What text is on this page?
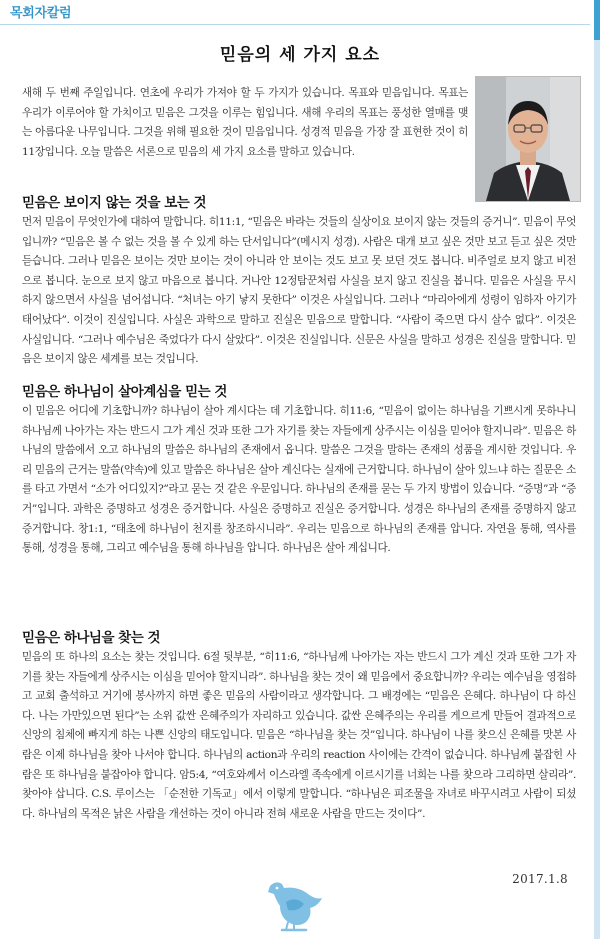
목회자칼럼
믿음의 세 가지 요소
새해 두 번째 주일입니다. 연초에 우리가 가져야 할 두 가지가 있습니다. 목표와 믿음입니다. 목표는 우리가 이루어야 할 가치이고 믿음은 그것을 이루는 힘입니다. 새해 우리의 목표는 풍성한 열매를 맺는 아름다운 나무입니다. 그것을 위해 필요한 것이 믿음입니다. 성경적 믿음을 가장 잘 표현한 것이 히11장입니다. 오늘 말씀은 서론으로 믿음의 세 가지 요소를 말하고 있습니다.
믿음은 보이지 않는 것을 보는 것
먼저 믿음이 무엇인가에 대하여 말합니다. 히11:1, “믿음은 바라는 것들의 실상이요 보이지 않는 것들의 증거니”. 믿음이 무엇입니까? “믿음은 볼 수 없는 것을 볼 수 있게 하는 단서입니다”(메시지 성경). 사람은 대개 보고 싶은 것만 보고 듣고 싶은 것만 듣습니다. 그러나 믿음은 보이는 것만 보이는 것이 아니라 안 보이는 것도 보고 못 보던 것도 봅니다. 비주얼로 보지 않고 비전으로 봅니다. 눈으로 보지 않고 마음으로 봅니다. 거나안 12정탐꾼처럼 사실을 보지 않고 진실을 봅니다. 믿음은 사실을 무시하지 않으면서 사실을 넘어섭니다. “처녀는 아기 낳지 못한다” 이것은 사실입니다. 그러나 “마리아에게 성령이 임하자 아기가 태어났다”. 이것이 진실입니다. 사실은 과학으로 말하고 진실은 믿음으로 말합니다. “사람이 죽으면 다시 살수 없다”. 이것은 사실입니다. “그러나 예수님은 죽었다가 다시 살았다”. 이것은 진실입니다. 신문은 사실을 말하고 성경은 진실을 말합니다. 믿음은 보이지 않은 세계를 보는 것입니다.
믿음은 하나님이 살아계심을 믿는 것
이 믿음은 어디에 기초합니까? 하나님이 살아 계시다는 데 기초합니다. 히11:6, “믿음이 없이는 하나님을 기쁘시게 못하나니 하나님께 나아가는 자는 반드시 그가 계신 것과 또한 그가 자기를 찾는 자들에게 상주시는 이심을 믿어야 할지니라”. 믿음은 하나님의 말씀에서 오고 하나님의 말씀은 하나님의 존재에서 옵니다. 말씀은 그것을 말하는 존재의 성품을 계시한 것입니다. 우리 믿음의 근거는 말씀(약속)에 있고 말씀은 하나님은 살아 계신다는 실재에 근거합니다. 하나님이 살아 있느냐 하는 질문은 소를 타고 가면서 “소가 어디있지?”라고 묻는 것 같은 우문입니다. 하나님의 존재를 묻는 두 가지 방법이 있습니다. “증명”과 “증거”입니다. 과학은 증명하고 성경은 증거합니다. 사실은 증명하고 진실은 증거합니다. 성경은 하나님의 존재를 증명하지 않고 증거합니다. 창1:1, “태초에 하나님이 천지를 창조하시니라”. 우리는 믿음으로 하나님의 존재를 압니다. 자연을 통해, 역사를 통해, 성경을 통해, 그리고 예수님을 통해 하나님을 압니다. 하나님은 살아 계십니다.
믿음은 하나님을 찾는 것
믿음의 또 하나의 요소는 찾는 것입니다. 6절 뒷부분, “히11:6, “하나님께 나아가는 자는 반드시 그가 계신 것과 또한 그가 자기를 찾는 자들에게 상주시는 이심을 믿어야 할지니라”. 하나님을 찾는 것이 왜 믿음에서 중요합니까? 우리는 예수님을 영접하고 교회 출석하고 거기에 봉사까지 하면 좋은 믿음의 사람이라고 생각합니다. 그 배경에는 “믿음은 은혜다. 하나님이 다 하신다. 나는 가만있으면 된다”는 소위 값싼 은혜주의가 자리하고 있습니다. 값싼 은혜주의는 우리를 게으르게 만들어 결과적으로 신앙의 침체에 빠지게 하는 나쁜 신앙의 태도입니다. 믿음은 “하나님을 찾는 것”입니다. 하나님이 나를 찾으신 은혜를 맛본 사람은 이제 하나님을 찾아 나서야 합니다. 하나님의 action과 우리의 reaction 사이에는 간격이 없습니다. 하나님께 붙잡힌 사람은 또 하나님을 붙잡아야 합니다. 암5:4, “여호와께서 이스라엘 족속에게 이르시기를 너희는 나를 찾으라 그리하면 살리라”. 찾아야 삽니다. C.S. 루이스는 「순전한 기독교」에서 이렇게 말합니다. “하나님은 피조물을 자녀로 바꾸시려고 사람이 되셨다. 하나님의 목적은 낡은 사람을 개선하는 것이 아니라 전혀 새로운 사람을 만드는 것이다”.
2017.1.8
